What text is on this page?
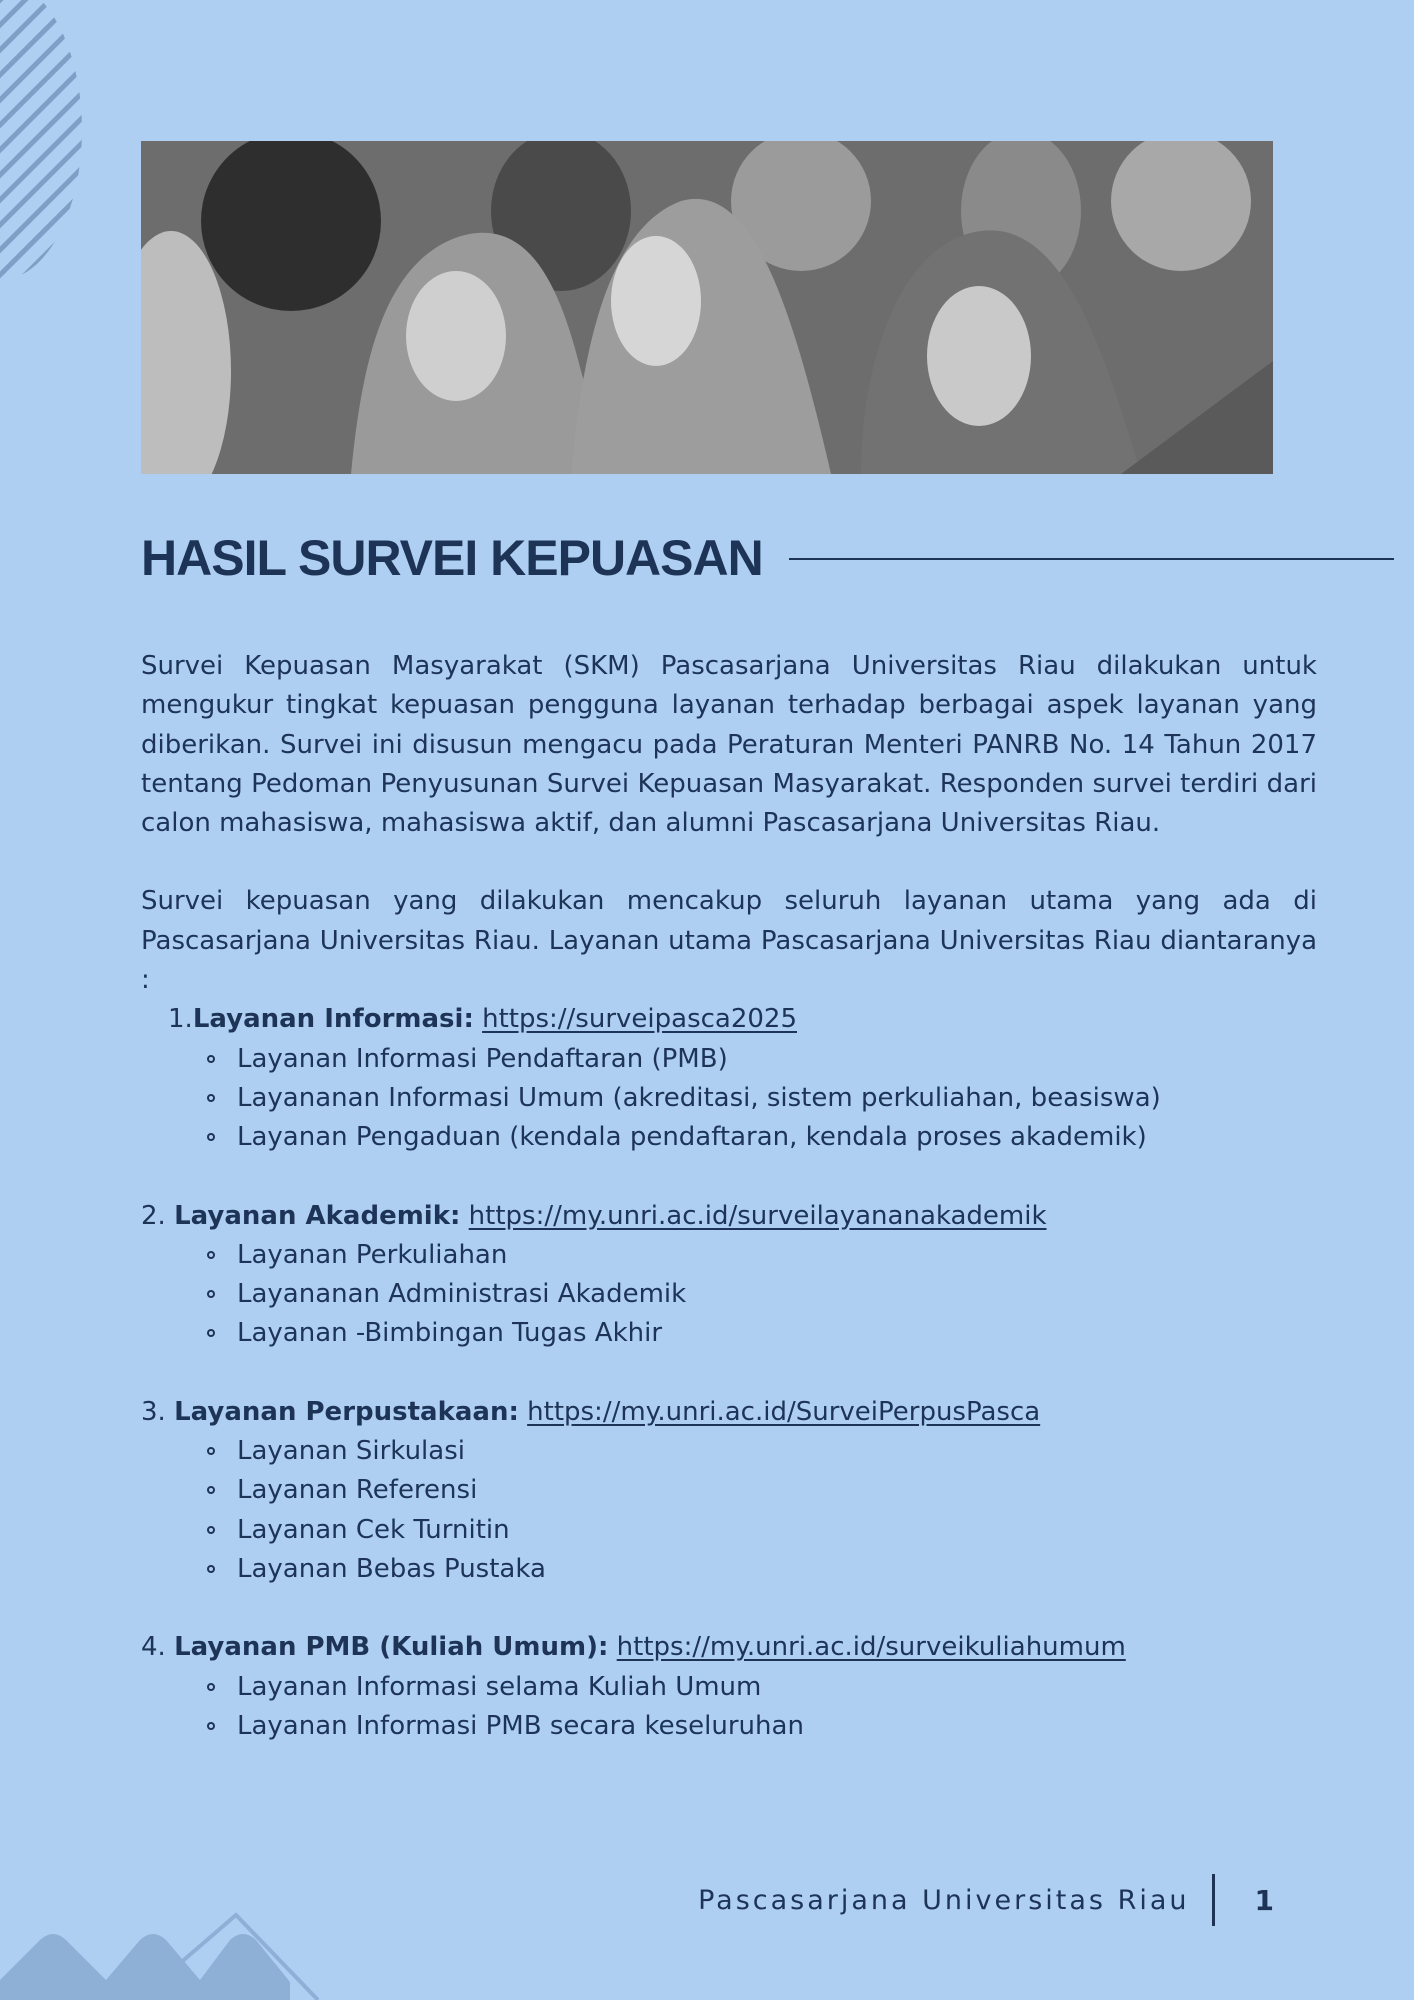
HASIL SURVEI KEPUASAN

Survei Kepuasan Masyarakat (SKM) Pascasarjana Universitas Riau dilakukan untuk mengukur tingkat kepuasan pengguna layanan terhadap berbagai aspek layanan yang diberikan. Survei ini disusun mengacu pada Peraturan Menteri PANRB No. 14 Tahun 2017 tentang Pedoman Penyusunan Survei Kepuasan Masyarakat. Responden survei terdiri dari calon mahasiswa, mahasiswa aktif, dan alumni Pascasarjana Universitas Riau.

Survei kepuasan yang dilakukan mencakup seluruh layanan utama yang ada di Pascasarjana Universitas Riau. Layanan utama Pascasarjana Universitas Riau diantaranya :

1.Layanan Informasi: https://surveipasca2025
Layanan Informasi Pendaftaran (PMB)
Layananan Informasi Umum (akreditasi, sistem perkuliahan, beasiswa)
Layanan Pengaduan (kendala pendaftaran, kendala proses akademik)
2. Layanan Akademik: https://my.unri.ac.id/surveilayananakademik
Layanan Perkuliahan
Layananan Administrasi Akademik
Layanan -Bimbingan Tugas Akhir
3. Layanan Perpustakaan: https://my.unri.ac.id/SurveiPerpusPasca
Layanan Sirkulasi
Layanan Referensi
Layanan Cek Turnitin
Layanan Bebas Pustaka
4. Layanan PMB (Kuliah Umum): https://my.unri.ac.id/surveikuliahumum
Layanan Informasi selama Kuliah Umum
Layanan Informasi PMB secara keseluruhan
Pascasarjana Universitas Riau 1
